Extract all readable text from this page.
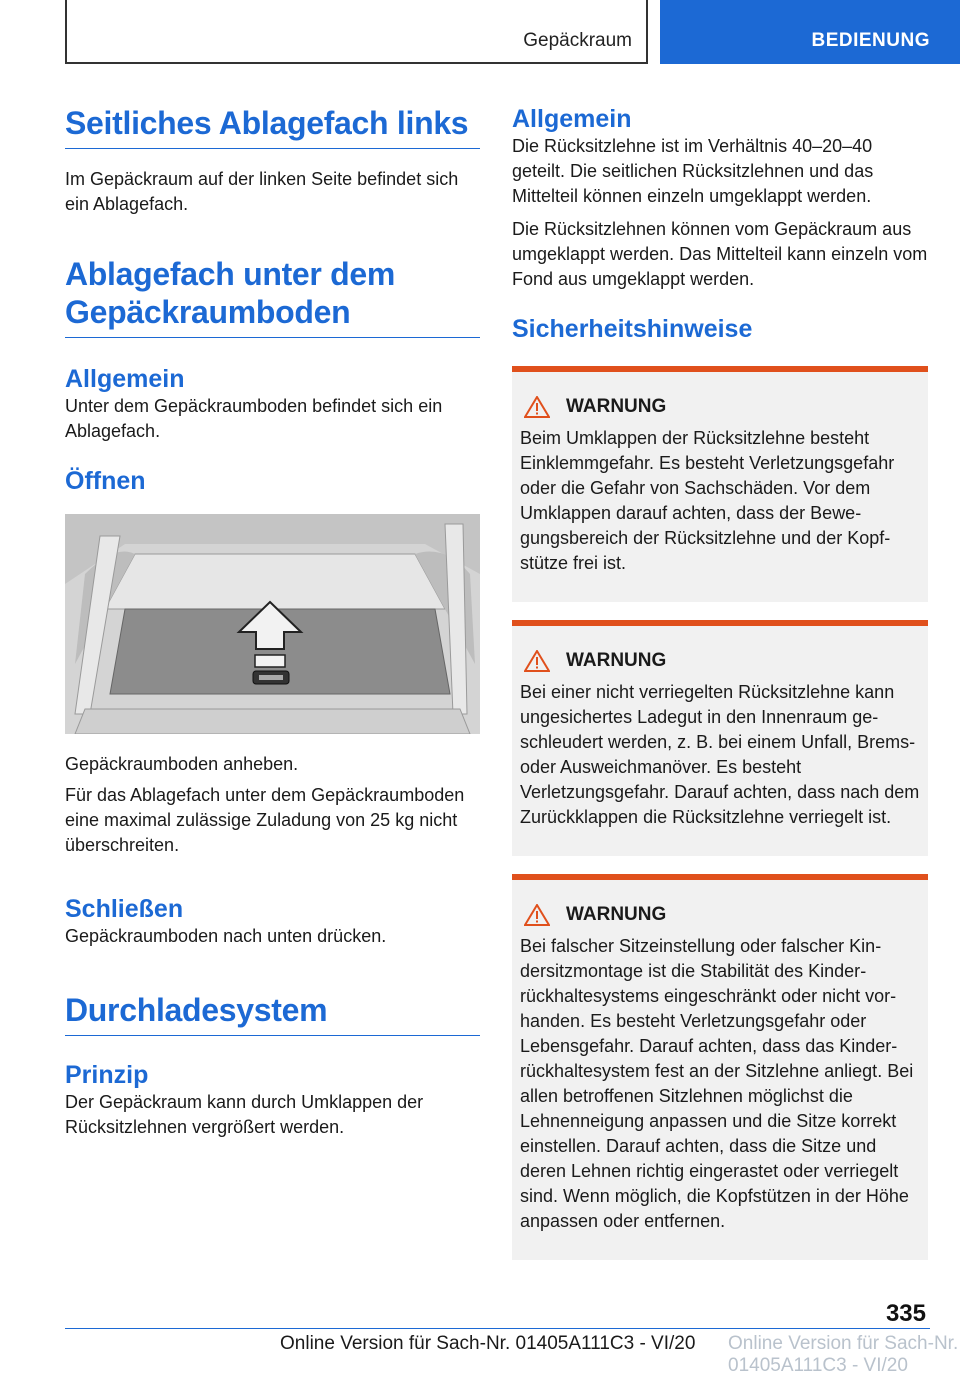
Gepäckraum	BEDIENUNG
Seitliches Ablagefach links

Im Gepäckraum auf der linken Seite befindet sich ein Ablagefach.

Ablagefach unter dem
Gepäckraumboden
Allgemein

Unter dem Gepäckraumboden befindet sich ein Ablagefach.

Öffnen

Gepäckraumboden anheben.

Für das Ablagefach unter dem Gepäckraumboden eine maximal zulässige Zuladung von 25 kg nicht überschreiten.

Schließen

Gepäckraumboden nach unten drücken.

Durchladesystem
Prinzip

Der Gepäckraum kann durch Umklappen der Rücksitzlehnen vergrößert werden.

Allgemein

Die Rücksitzlehne ist im Verhältnis 40–20–40 geteilt. Die seitlichen Rücksitzlehnen und das Mittelteil können einzeln umgeklappt werden.

Die Rücksitzlehnen können vom Gepäckraum aus umgeklappt werden. Das Mittelteil kann einzeln vom Fond aus umgeklappt werden.

Sicherheitshinweise
WARNUNG

Beim Umklappen der Rücksitzlehne besteht Einklemmgefahr. Es besteht Verletzungsgefahr oder die Gefahr von Sachschäden. Vor dem Umklappen darauf achten, dass der Bewegungsbereich der Rücksitzlehne und der Kopfstütze frei ist.

WARNUNG

Bei einer nicht verriegelten Rücksitzlehne kann ungesichertes Ladegut in den Innenraum geschleudert werden, z. B. bei einem Unfall, Brems- oder Ausweichmanöver. Es besteht Verletzungsgefahr. Darauf achten, dass nach dem Zurückklappen die Rücksitzlehne verriegelt ist.

WARNUNG

Bei falscher Sitzeinstellung oder falscher Kindersitzmontage ist die Stabilität des Kinderrückhaltesystems eingeschränkt oder nicht vorhanden. Es besteht Verletzungsgefahr oder Lebensgefahr. Darauf achten, dass das Kinderrückhaltesystem fest an der Sitzlehne anliegt. Bei allen betroffenen Sitzlehnen möglichst die Lehnenneigung anpassen und die Sitze korrekt einstellen. Darauf achten, dass die Sitze und deren Lehnen richtig eingerastet oder verriegelt sind. Wenn möglich, die Kopfstützen in der Höhe anpassen oder entfernen.

335
Online Version für Sach-Nr. 01405A111C3 - VI/20 Online Version für Sach-Nr. 01405A111C3 - VI/20
